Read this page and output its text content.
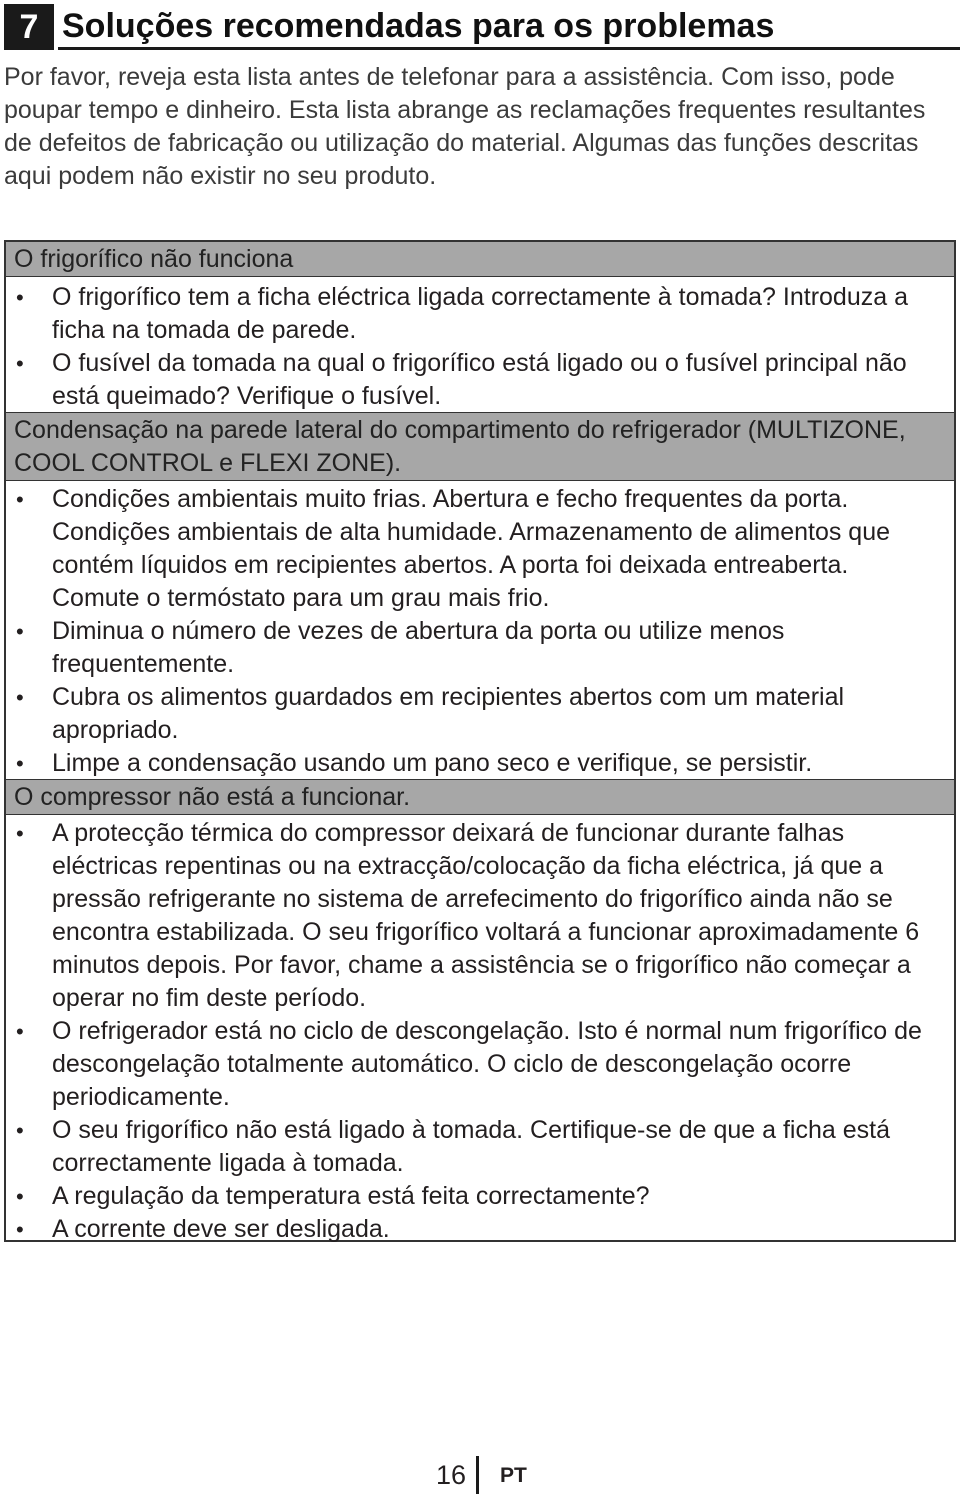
7 Soluções recomendadas para os problemas

Por favor, reveja esta lista antes de telefonar para a assistência. Com isso, pode poupar tempo e dinheiro. Esta lista abrange as reclamações frequentes resultantes de defeitos de fabricação ou utilização do material. Algumas das funções descritas aqui podem não existir no seu produto.

O frigorífico não funciona
• O frigorífico tem a ficha eléctrica ligada correctamente à tomada? Introduza a ficha na tomada de parede.
• O fusível da tomada na qual o frigorífico está ligado ou o fusível principal não está queimado? Verifique o fusível.
Condensação na parede lateral do compartimento do refrigerador (MULTIZONE, COOL CONTROL e FLEXI ZONE).
• Condições ambientais muito frias. Abertura e fecho frequentes da porta. Condições ambientais de alta humidade. Armazenamento de alimentos que contém líquidos em recipientes abertos. A porta foi deixada entreaberta. Comute o termóstato para um grau mais frio.
• Diminua o número de vezes de abertura da porta ou utilize menos frequentemente.
• Cubra os alimentos guardados em recipientes abertos com um material apropriado.
• Limpe a condensação usando um pano seco e verifique, se persistir.
O compressor não está a funcionar.
• A protecção térmica do compressor deixará de funcionar durante falhas eléctricas repentinas ou na extracção/colocação da ficha eléctrica, já que a pressão refrigerante no sistema de arrefecimento do frigorífico ainda não se encontra estabilizada. O seu frigorífico voltará a funcionar aproximadamente 6 minutos depois. Por favor, chame a assistência se o frigorífico não começar a operar no fim deste período.
• O refrigerador está no ciclo de descongelação. Isto é normal num frigorífico de descongelação totalmente automático. O ciclo de descongelação ocorre periodicamente.
• O seu frigorífico não está ligado à tomada. Certifique-se de que a ficha está correctamente ligada à tomada.
• A regulação da temperatura está feita correctamente?
• A corrente deve ser desligada.
16 PT
